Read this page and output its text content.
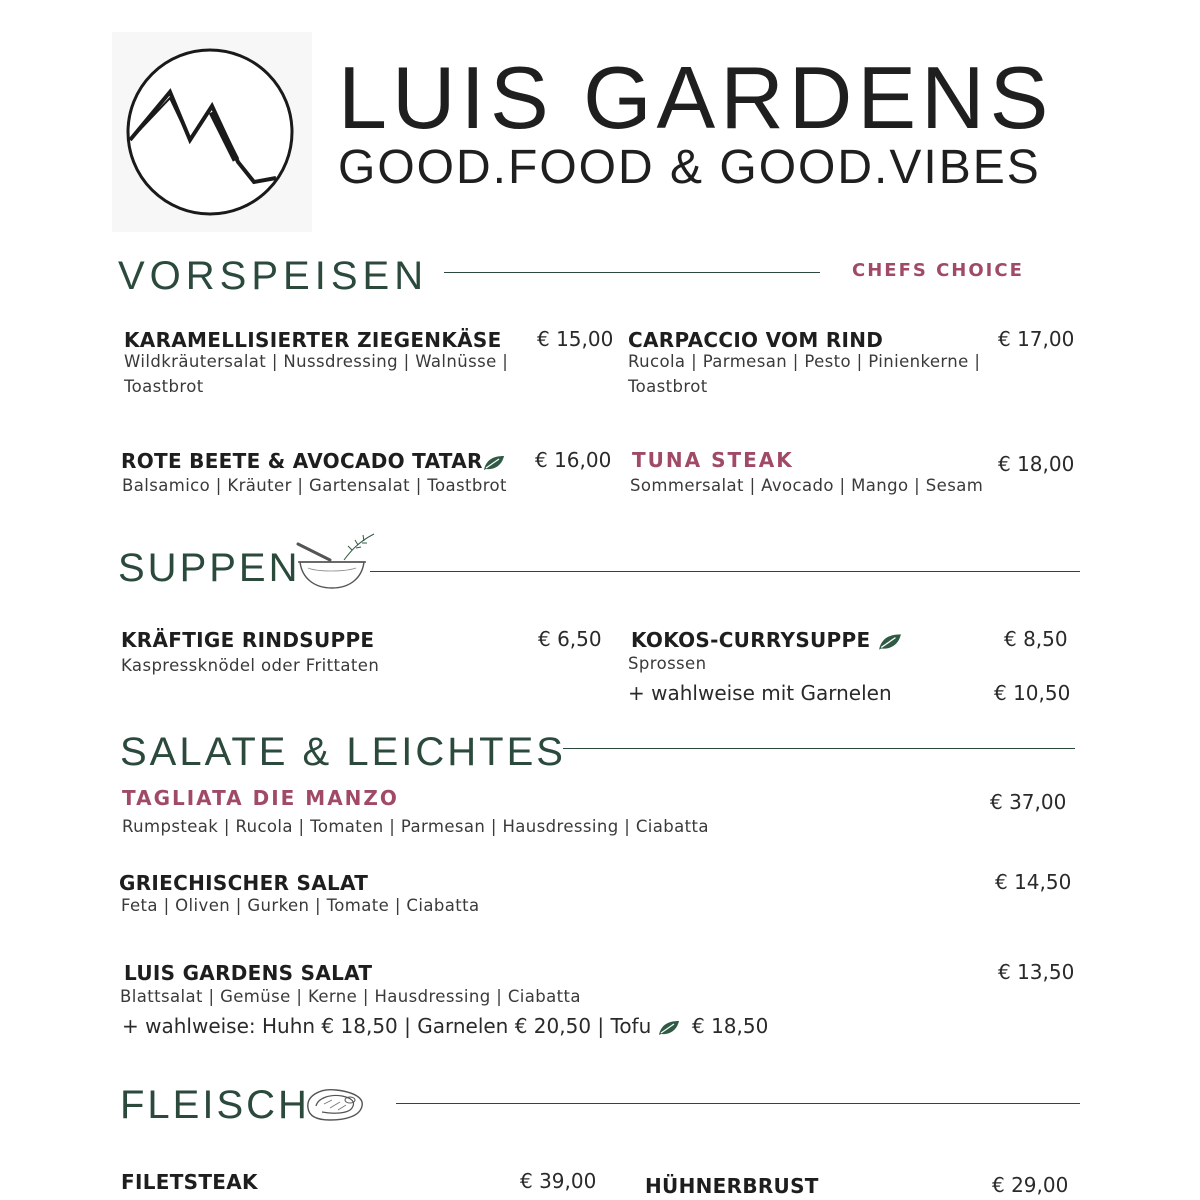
LUIS GARDENS
GOOD.FOOD & GOOD.VIBES
VORSPEISEN	CHEFS CHOICE
KARAMELLISIERTER ZIEGENKÄSE € 15,00
Wildkräutersalat | Nussdressing | Walnüsse |
Toastbrot
CARPACCIO VOM RIND	€ 17,00
Rucola | Parmesan | Pesto | Pinienkerne |
Toastbrot
ROTE BEETE & AVOCADO TATAR	€ 16,00
Balsamico | Kräuter | Gartensalat | Toastbrot
TUNA STEAK	€ 18,00
Sommersalat | Avocado | Mango | Sesam
SUPPEN
KRÄFTIGE RINDSUPPE	€ 6,50
Kaspressknödel oder Frittaten
KOKOS-CURRYSUPPE	€ 8,50
Sprossen
+ wahlweise mit Garnelen	€ 10,50
SALATE & LEICHTES
TAGLIATA DIE MANZO	€ 37,00
Rumpsteak | Rucola | Tomaten | Parmesan | Hausdressing | Ciabatta
GRIECHISCHER SALAT	€ 14,50
Feta | Oliven | Gurken | Tomate | Ciabatta
LUIS GARDENS SALAT	€ 13,50
Blattsalat | Gemüse | Kerne | Hausdressing | Ciabatta
+ wahlweise: Huhn € 18,50 | Garnelen € 20,50 | Tofu € 18,50
FLEISCH
FILETSTEAK	€ 39,00 HÜHNERBRUST	€ 29,00
